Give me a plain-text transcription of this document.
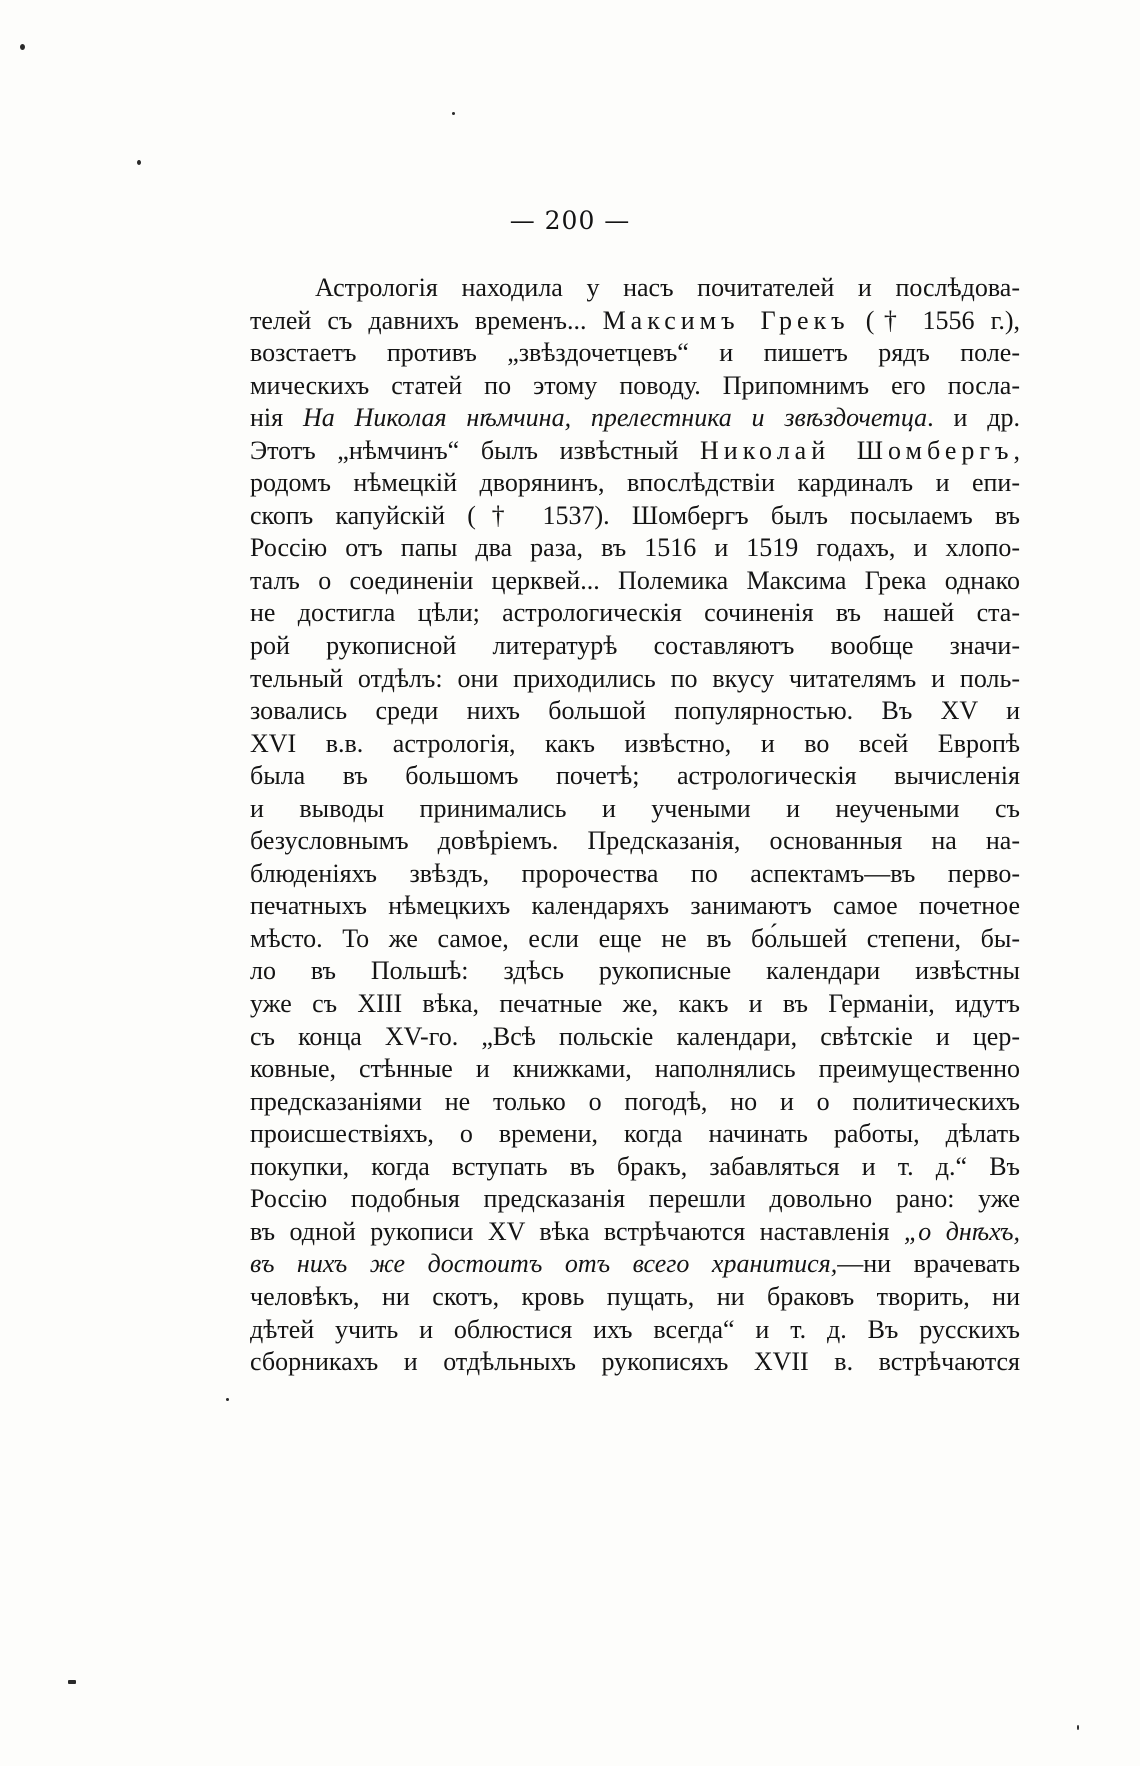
— 200 —
Астрологія находила у насъ почитателей и послѣдова-
телей съ давнихъ временъ... Максимъ Грекъ († 1556 г.),
возстаетъ противъ „звѣздочетцевъ“ и пишетъ рядъ поле-
мическихъ статей по этому поводу. Припомнимъ его посла-
нія На Николая нѣмчина, прелестника и звѣздочетца. и др.
Этотъ „нѣмчинъ“ былъ извѣстный Николай Шомбергъ,
родомъ нѣмецкій дворянинъ, впослѣдствіи кардиналъ и епи-
скопъ капуйскій († 1537). Шомбергъ былъ посылаемъ въ
Россію отъ папы два раза, въ 1516 и 1519 годахъ, и хлопо-
талъ о соединеніи церквей... Полемика Максима Грека однако
не достигла цѣли; астрологическія сочиненія въ нашей ста-
рой рукописной литературѣ составляютъ вообще значи-
тельный отдѣлъ: они приходились по вкусу читателямъ и поль-
зовались среди нихъ большой популярностью. Въ XV и
XVI в.в. астрологія, какъ извѣстно, и во всей Европѣ
была въ большомъ почетѣ; астрологическія вычисленія
и выводы принимались и учеными и неучеными съ
безусловнымъ довѣріемъ. Предсказанія, основанныя на на-
блюденіяхъ звѣздъ, пророчества по аспектамъ—въ перво-
печатныхъ нѣмецкихъ календаряхъ занимаютъ самое почетное
мѣсто. То же самое, если еще не въ бо́льшей степени, бы-
ло въ Польшѣ: здѣсь рукописные календари извѣстны
уже съ XIII вѣка, печатные же, какъ и въ Германіи, идутъ
съ конца XV-го. „Всѣ польскіе календари, свѣтскіе и цер-
ковные, стѣнные и книжками, наполнялись преимущественно
предсказаніями не только о погодѣ, но и о политическихъ
происшествіяхъ, о времени, когда начинать работы, дѣлать
покупки, когда вступать въ бракъ, забавляться и т. д.“ Въ
Россію подобныя предсказанія перешли довольно рано: уже
въ одной рукописи XV вѣка встрѣчаются наставленія „о днѣхъ,
въ нихъ же достоитъ отъ всего хранитися,—ни врачевать
человѣкъ, ни скотъ, кровь пущать, ни браковъ творить, ни
дѣтей учить и облюстися ихъ всегда“ и т. д. Въ русскихъ
сборникахъ и отдѣльныхъ рукописяхъ XVII в. встрѣчаются
